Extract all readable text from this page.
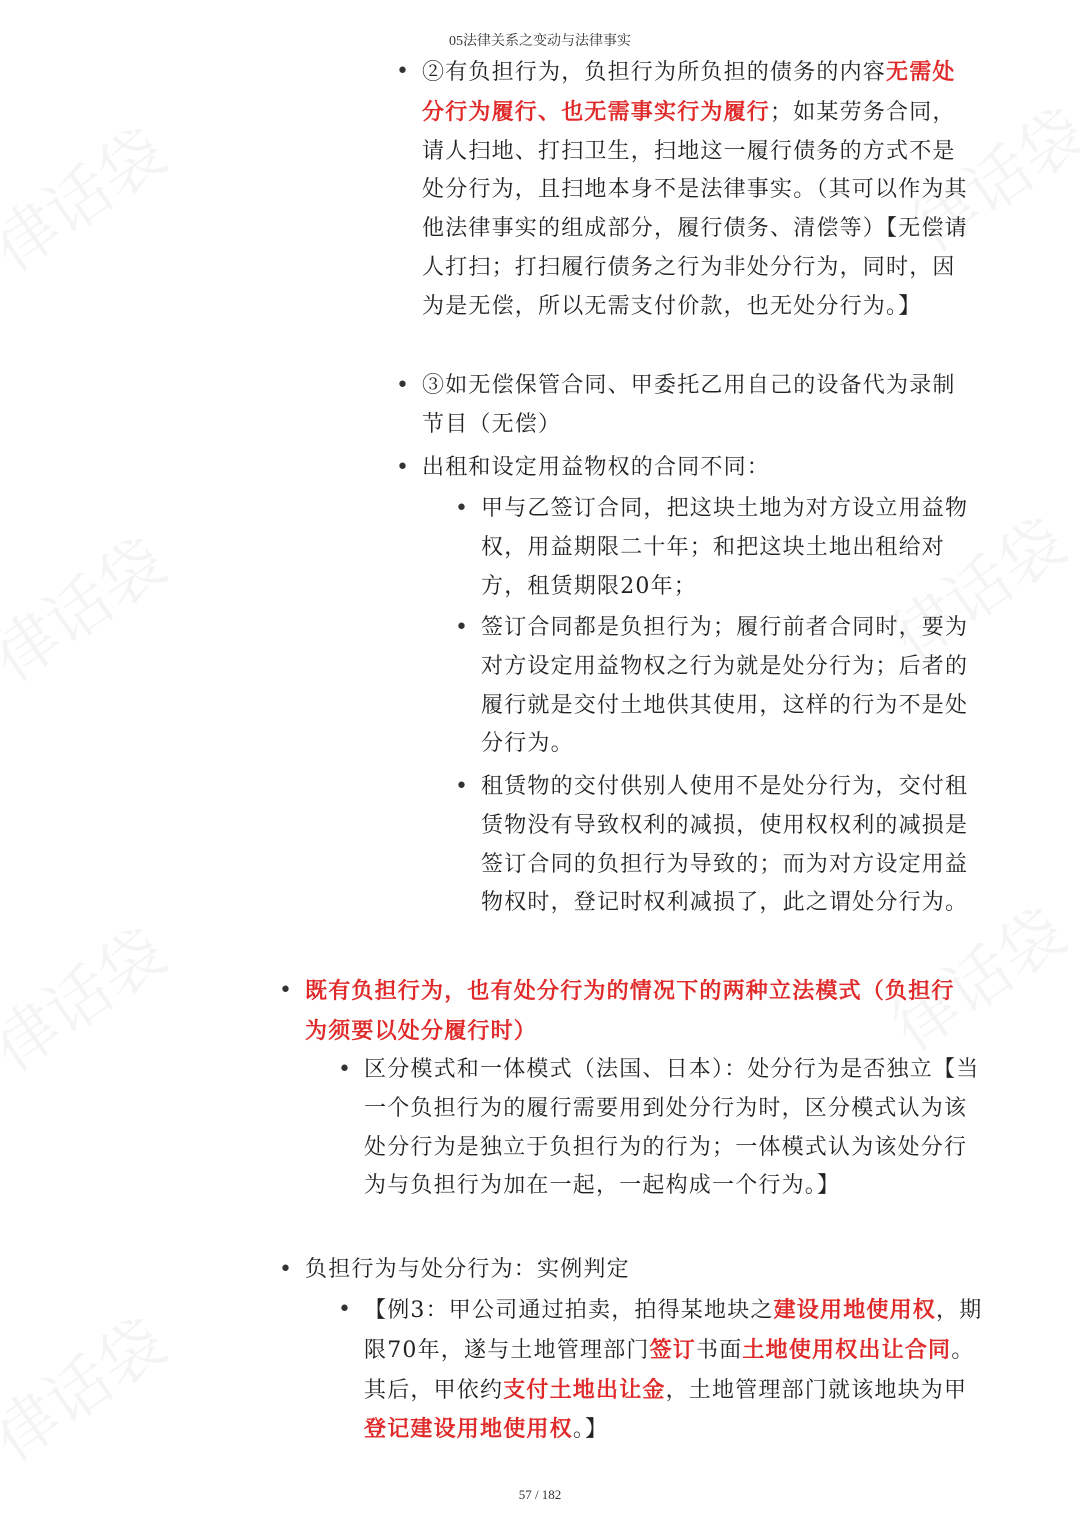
05法律关系之变动与法律事实
• ②有负担行为，负担行为所负担的债务的内容无需处分行为履行、也无需事实行为履行；如某劳务合同，请人扫地、打扫卫生，扫地这一履行债务的方式不是处分行为，且扫地本身不是法律事实。（其可以作为其他法律事实的组成部分，履行债务、清偿等）【无偿请人打扫；打扫履行债务之行为非处分行为，同时，因为是无偿，所以无需支付价款，也无处分行为。】
• ③如无偿保管合同、甲委托乙用自己的设备代为录制节目（无偿）
• 出租和设定用益物权的合同不同：
• 甲与乙签订合同，把这块土地为对方设立用益物权，用益期限二十年；和把这块土地出租给对方，租赁期限20年；
• 签订合同都是负担行为；履行前者合同时，要为对方设定用益物权之行为就是处分行为；后者的履行就是交付土地供其使用，这样的行为不是处分行为。
• 租赁物的交付供别人使用不是处分行为，交付租赁物没有导致权利的减损，使用权权利的减损是签订合同的负担行为导致的；而为对方设定用益物权时，登记时权利减损了，此之谓处分行为。
• 既有负担行为，也有处分行为的情况下的两种立法模式（负担行为须要以处分履行时）
• 区分模式和一体模式（法国、日本）：处分行为是否独立【当一个负担行为的履行需要用到处分行为时，区分模式认为该处分行为是独立于负担行为的行为；一体模式认为该处分行为与负担行为加在一起，一起构成一个行为。】
• 负担行为与处分行为：实例判定
• 【例3：甲公司通过拍卖，拍得某地块之建设用地使用权，期限70年，遂与土地管理部门签订书面土地使用权出让合同。其后，甲依约支付土地出让金，土地管理部门就该地块为甲登记建设用地使用权。】
57 / 182
